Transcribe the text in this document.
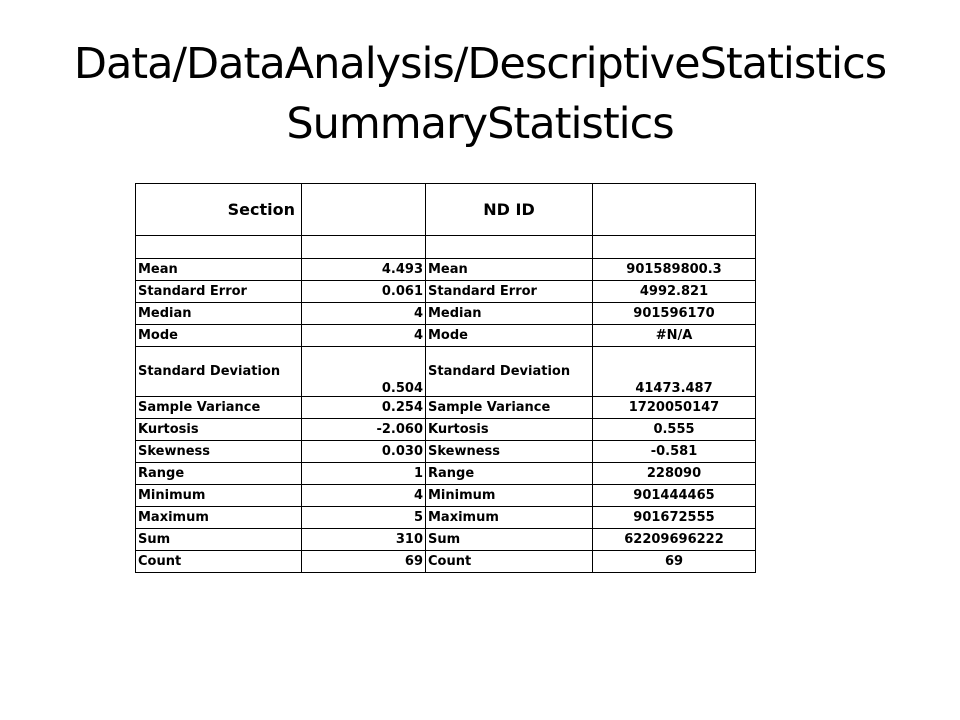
Data/DataAnalysis/DescriptiveStatistics
SummaryStatistics
Section		ND ID	

Mean	4.493	Mean	901589800.3
Standard Error	0.061	Standard Error	4992.821
Median	4	Median	901596170
Mode	4	Mode	#N/A
Standard Deviation	0.504	Standard Deviation	41473.487
Sample Variance	0.254	Sample Variance	1720050147
Kurtosis	-2.060	Kurtosis	0.555
Skewness	0.030	Skewness	-0.581
Range	1	Range	228090
Minimum	4	Minimum	901444465
Maximum	5	Maximum	901672555
Sum	310	Sum	62209696222
Count	69	Count	69
